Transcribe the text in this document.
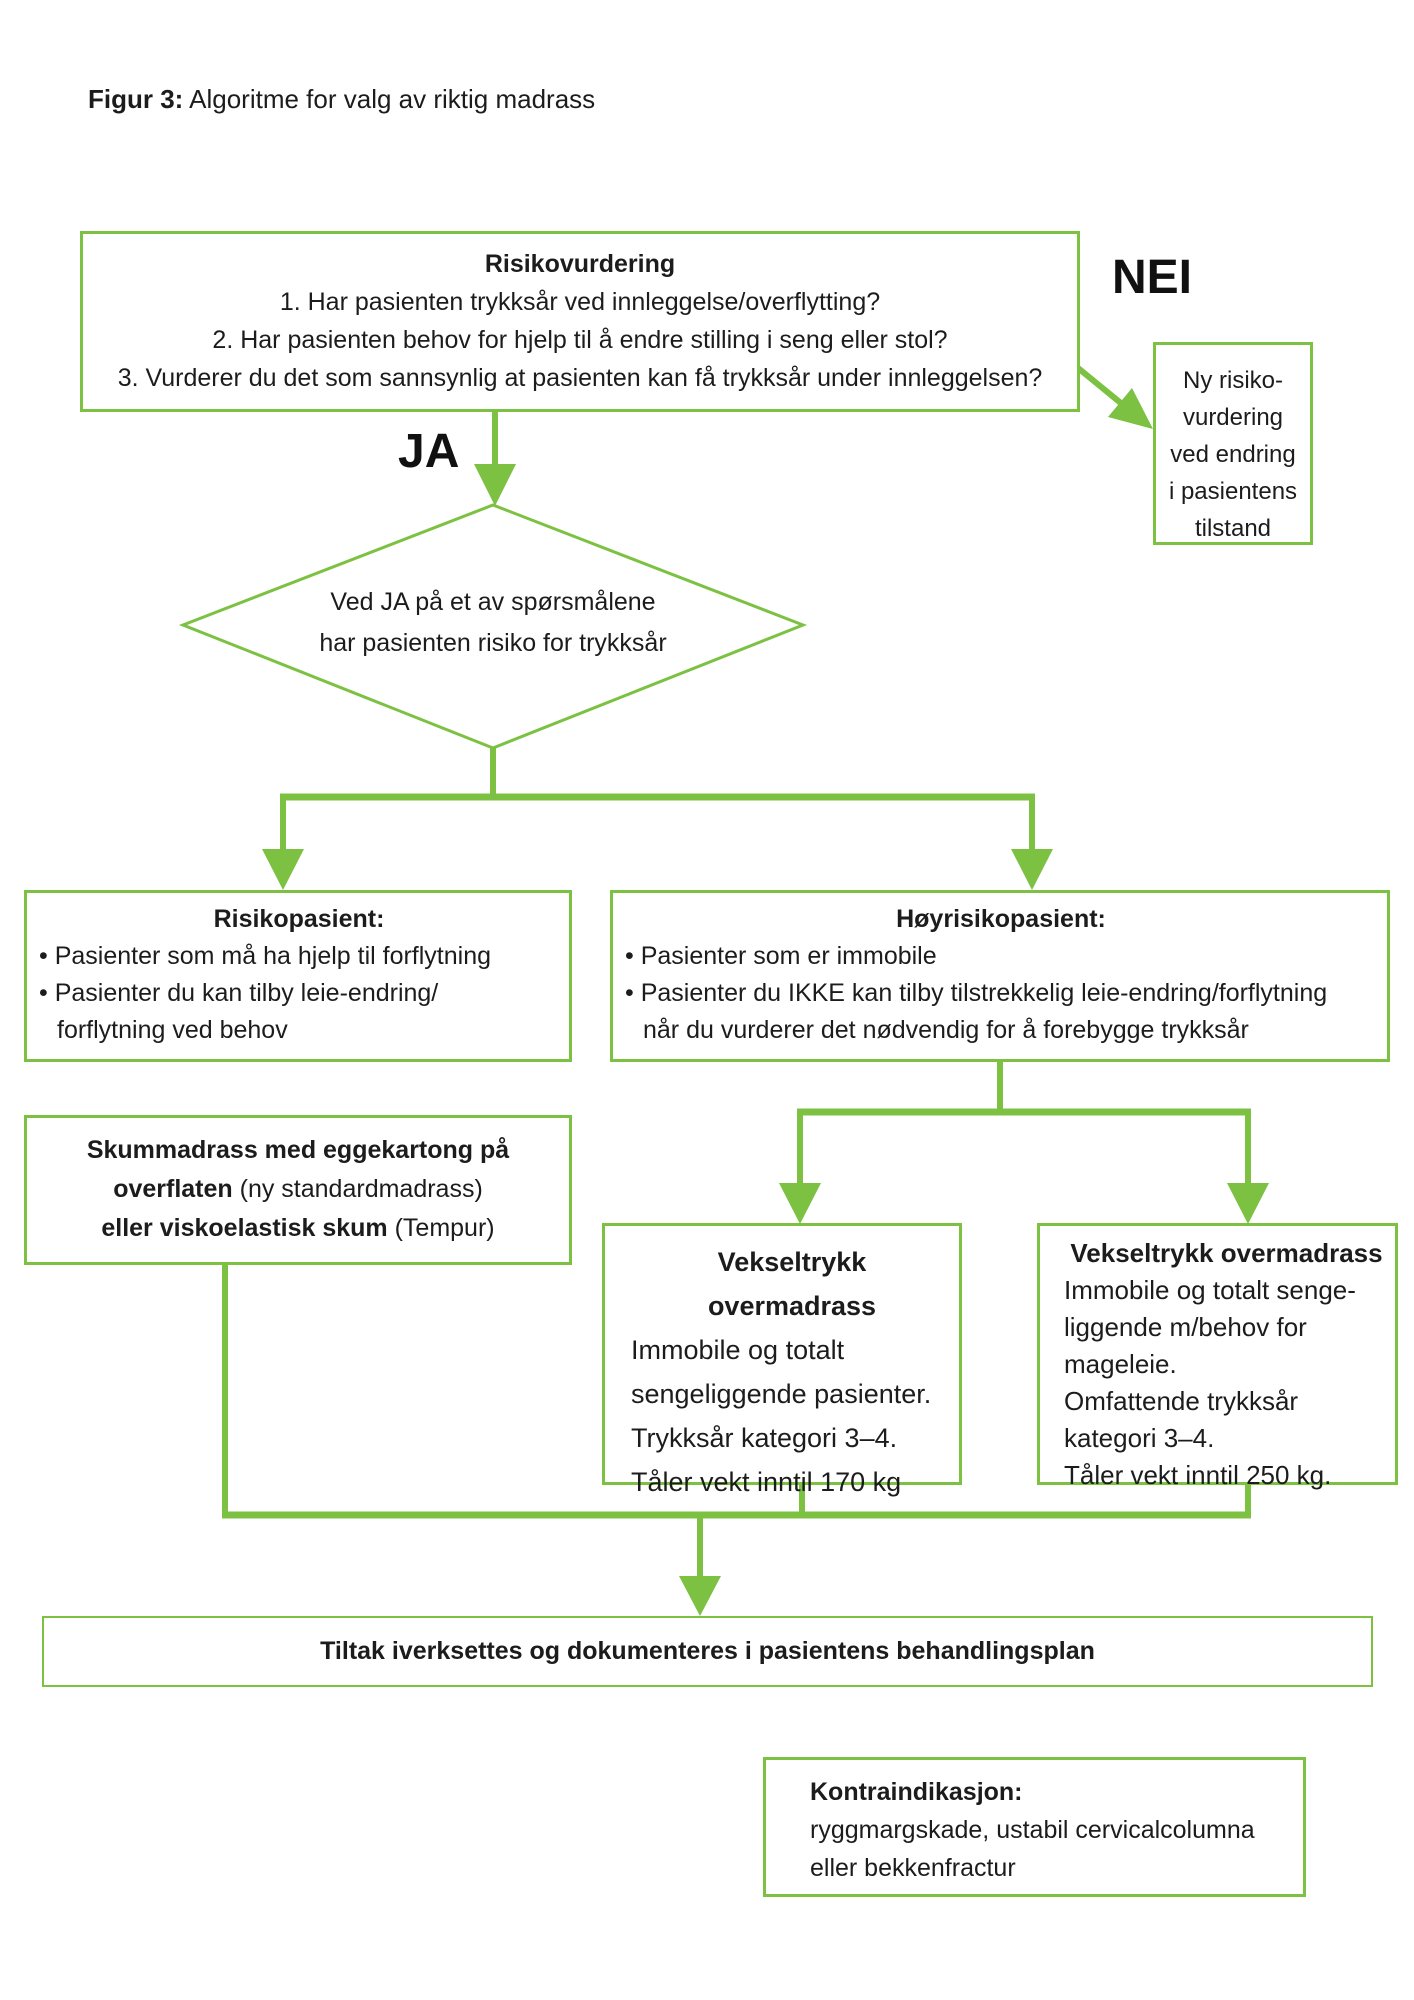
Figur 3: Algoritme for valg av riktig madrass
Risikovurdering
1. Har pasienten trykksår ved innleggelse/overflytting?
2. Har pasienten behov for hjelp til å endre stilling i seng eller stol?
3. Vurderer du det som sannsynlig at pasienten kan få trykksår under innleggelsen?
NEI
JA
Ny risiko-
vurdering
ved endring
i pasientens
tilstand
Ved JA på et av spørsmålene
har pasienten risiko for trykksår
Risikopasient:
• Pasienter som må ha hjelp til forflytning
• Pasienter du kan tilby leie-endring/
forflytning ved behov
Høyrisikopasient:
• Pasienter som er immobile
• Pasienter du IKKE kan tilby tilstrekkelig leie-endring/forflytning
når du vurderer det nødvendig for å forebygge trykksår
Skummadrass med eggekartong på
overflaten (ny standardmadrass)
eller viskoelastisk skum (Tempur)
Vekseltrykk overmadrass
Immobile og totalt
sengeliggende pasienter.
Trykksår kategori 3–4.
Tåler vekt inntil 170 kg
Vekseltrykk overmadrass
Immobile og totalt senge-
liggende m/behov for
mageleie.
Omfattende trykksår
kategori 3–4.
Tåler vekt inntil 250 kg.
Tiltak iverksettes og dokumenteres i pasientens behandlingsplan
Kontraindikasjon:
ryggmargskade, ustabil cervicalcolumna
eller bekkenfractur
